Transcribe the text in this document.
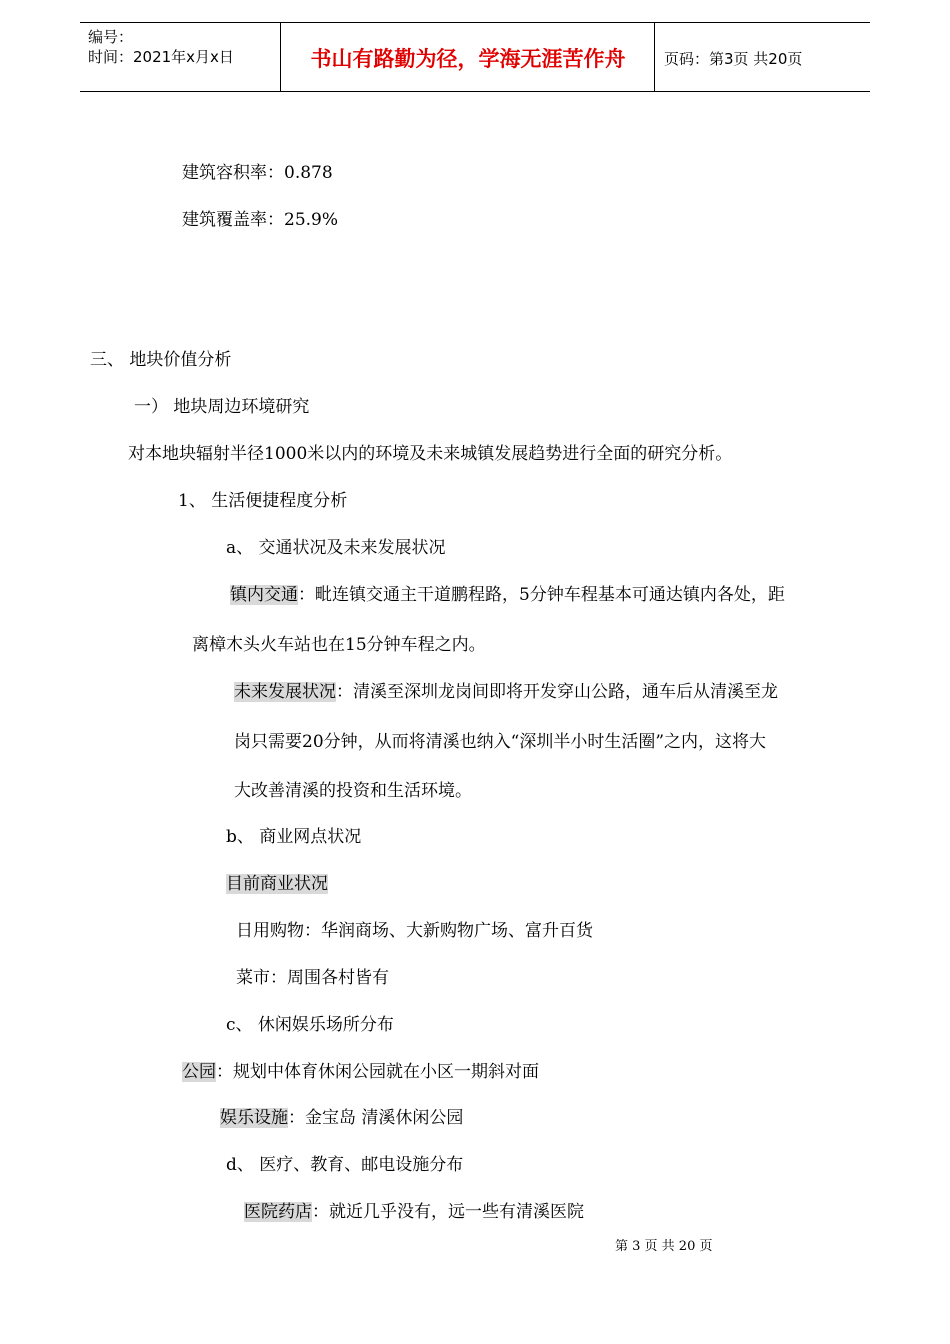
编号：
时间：2021年x月x日	书山有路勤为径，学海无涯苦作舟	页码：第3页 共20页
建筑容积率：0.878
建筑覆盖率：25.9%
三、 地块价值分析
一） 地块周边环境研究
对本地块辐射半径1000米以内的环境及未来城镇发展趋势进行全面的研究分析。
1、 生活便捷程度分析
a、 交通状况及未来发展状况
镇内交通：毗连镇交通主干道鹏程路，5分钟车程基本可通达镇内各处，距
离樟木头火车站也在15分钟车程之内。
未来发展状况：清溪至深圳龙岗间即将开发穿山公路，通车后从清溪至龙
岗只需要20分钟，从而将清溪也纳入“深圳半小时生活圈”之内，这将大
大改善清溪的投资和生活环境。
b、 商业网点状况
目前商业状况
日用购物：华润商场、大新购物广场、富升百货
菜市：周围各村皆有
c、 休闲娱乐场所分布
公园：规划中体育休闲公园就在小区一期斜对面
娱乐设施：金宝岛 清溪休闲公园
d、 医疗、教育、邮电设施分布
医院药店：就近几乎没有，远一些有清溪医院
第 3 页 共 20 页
